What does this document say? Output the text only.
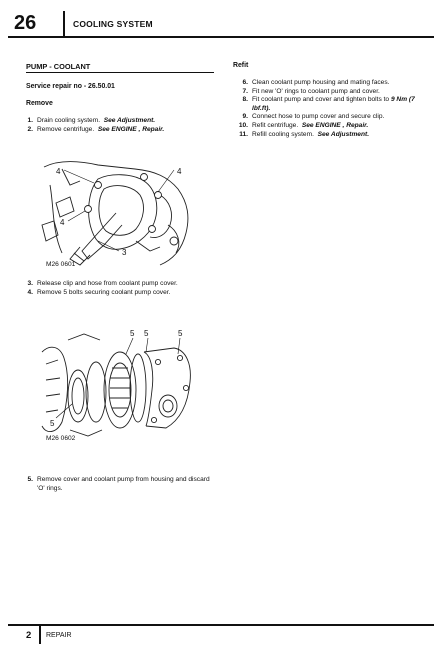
26	COOLING SYSTEM
PUMP - COOLANT
Service repair no - 26.50.01
Remove
1. Drain cooling system. See Adjustment.
2. Remove centrifuge. See ENGINE , Repair.
4	4
4
3
M26 0601
3. Release clip and hose from coolant pump cover.
4. Remove 5 bolts securing coolant pump cover.
5 5	5
5
M26 0602
5. Remove cover and coolant pump from housing and discard 'O' rings.
Refit
6. Clean coolant pump housing and mating faces.
7. Fit new 'O' rings to coolant pump and cover.
8. Fit coolant pump and cover and tighten bolts to 9 Nm (7 lbf.ft).
9. Connect hose to pump cover and secure clip.
10. Refit centrifuge. See ENGINE , Repair.
11. Refill cooling system. See Adjustment.
2 REPAIR
